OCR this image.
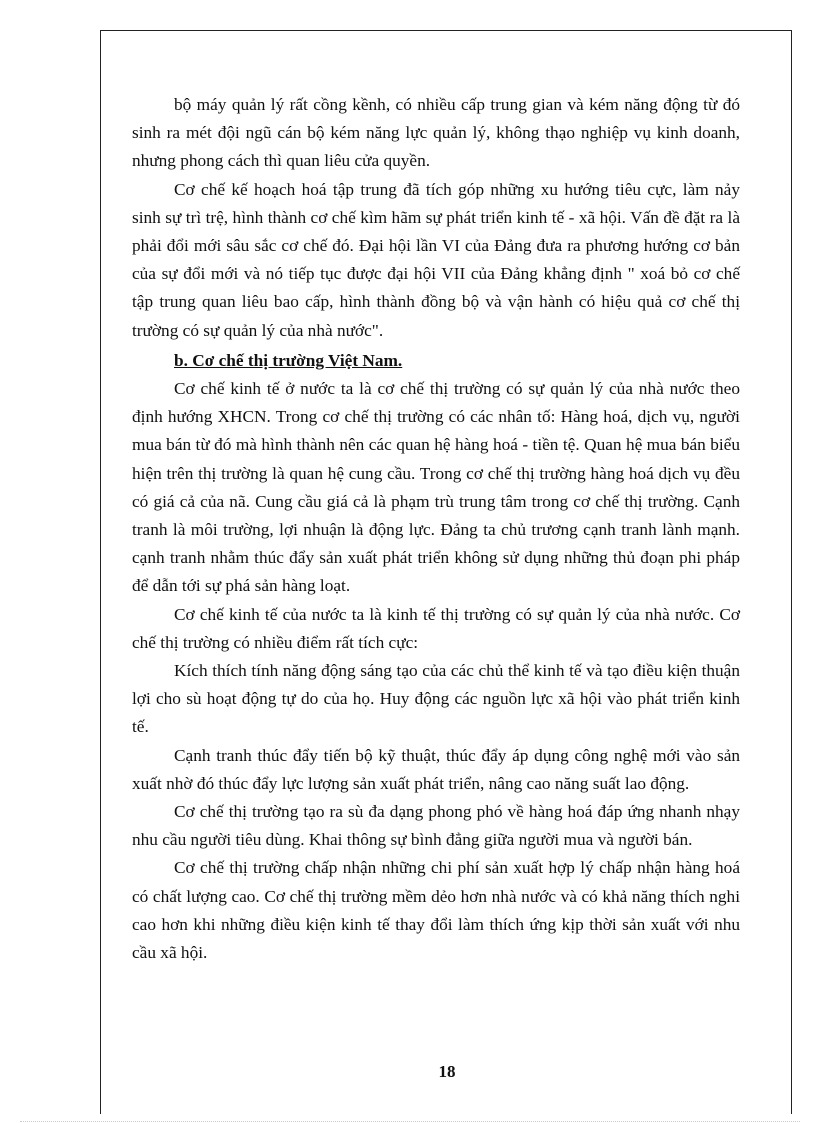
bộ máy quản lý rất cồng kềnh, có nhiều cấp trung gian và kém năng động từ đó sinh ra mét đội ngũ cán bộ kém năng lực quản lý, không thạo nghiệp vụ kinh doanh, nhưng phong cách thì quan liêu cửa quyền.

Cơ chế kế hoạch hoá tập trung đã tích góp những xu hướng tiêu cực, làm nảy sinh sự trì trệ, hình thành cơ chế kìm hãm sự phát triển kinh tế - xã hội. Vấn đề đặt ra là phải đổi mới sâu sắc cơ chế đó. Đại hội lần VI của Đảng đưa ra phương hướng cơ bản của sự đổi mới và nó tiếp tục được đại hội VII của Đảng khẳng định " xoá bỏ cơ chế tập trung quan liêu bao cấp, hình thành đồng bộ và vận hành có hiệu quả cơ chế thị trường có sự quản lý của nhà nước".

b. Cơ chế thị trường Việt Nam.

Cơ chế kinh tế ở nước ta là cơ chế thị trường có sự quản lý của nhà nước theo định hướng XHCN. Trong cơ chế thị trường có các nhân tố: Hàng hoá, dịch vụ, người mua bán từ đó mà hình thành nên các quan hệ hàng hoá - tiền tệ. Quan hệ mua bán biểu hiện trên thị trường là quan hệ cung cầu. Trong cơ chế thị trường hàng hoá dịch vụ đều có giá cả của nã. Cung cầu giá cả là phạm trù trung tâm trong cơ chế thị trường. Cạnh tranh là môi trường, lợi nhuận là động lực. Đảng ta chủ trương cạnh tranh lành mạnh. cạnh tranh nhằm thúc đẩy sản xuất phát triển không sử dụng những thủ đoạn phi pháp để dẫn tới sự phá sản hàng loạt.

Cơ chế kinh tế của nước ta là kinh tế thị trường có sự quản lý của nhà nước. Cơ chế thị trường có nhiều điểm rất tích cực:

Kích thích tính năng động sáng tạo của các chủ thể kinh tế và tạo điều kiện thuận lợi cho sù hoạt động tự do của họ. Huy động các nguồn lực xã hội vào phát triển kinh tế.

Cạnh tranh thúc đẩy tiến bộ kỹ thuật, thúc đẩy áp dụng công nghệ mới vào sản xuất nhờ đó thúc đẩy lực lượng sản xuất phát triển, nâng cao năng suất lao động.

Cơ chế thị trường tạo ra sù đa dạng phong phó về hàng hoá đáp ứng nhanh nhạy nhu cầu người tiêu dùng. Khai thông sự bình đẳng giữa người mua và người bán.

Cơ chế thị trường chấp nhận những chi phí sản xuất hợp lý chấp nhận hàng hoá có chất lượng cao. Cơ chế thị trường mềm dẻo hơn nhà nước và có khả năng thích nghi cao hơn khi những điều kiện kinh tế thay đổi làm thích ứng kịp thời sản xuất với nhu cầu xã hội.

18
